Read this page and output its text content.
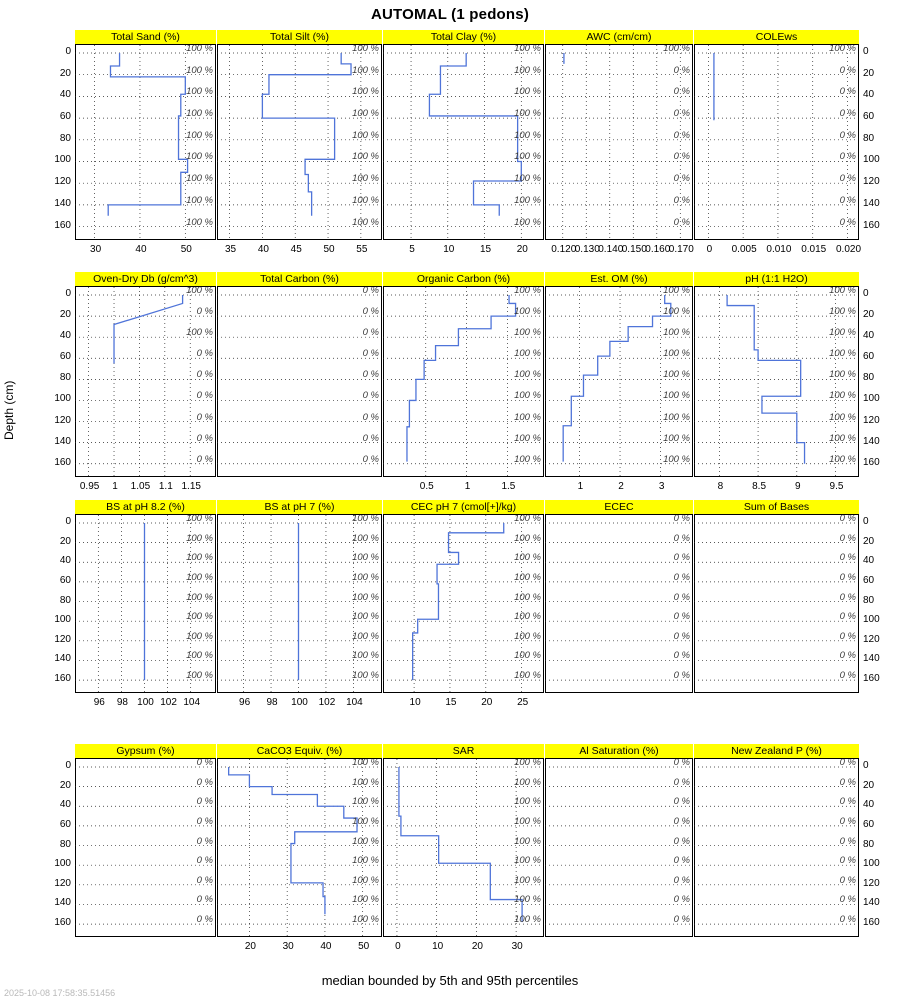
AUTOMAL (1 pedons)
Depth (cm)
30	40	50
0
20
40
60
80
100
120
140
160
Total Sand (%)
100 %
100 %
100 %
100 %
100 %
100 %
100 %
100 %
100 %
35	40	45	50	55
Total Silt (%)
100 %
100 %
100 %
100 %
100 %
100 %
100 %
100 %
100 %
5	10	15	20
Total Clay (%)
100 %
100 %
100 %
100 %
100 %
100 %
100 %
100 %
100 %
0.120
0.130
0.140
0.150
0.160
0.170
AWC (cm/cm)
100 %
0 %
0 %
0 %
0 %
0 %
0 %
0 %
0 %
0	0.005 0.010 0.015 0.020
0
20
40
60
80
100
120
140
160
COLEws
100 %
0 %
0 %
0 %
0 %
0 %
0 %
0 %
0 %
0.95	1	1.05 1.1 1.15
0
20
40
60
80
100
120
140
160
Oven-Dry Db (g/cm^3)
100 %
0 %
100 %
0 %
0 %
0 %
0 %
0 %
0 %
Total Carbon (%)
0 %
0 %
0 %
0 %
0 %
0 %
0 %
0 %
0 %
0.5	1	1.5
Organic Carbon (%)
100 %
100 %
100 %
100 %
100 %
100 %
100 %
100 %
100 %
1	2	3
Est. OM (%)
100 %
100 %
100 %
100 %
100 %
100 %
100 %
100 %
100 %
8	8.5	9	9.5
0
20
40
60
80
100
120
140
160
pH (1:1 H2O)
100 %
100 %
100 %
100 %
100 %
100 %
100 %
100 %
100 %
96	98 100 102 104
0
20
40
60
80
100
120
140
160
BS at pH 8.2 (%)
100 %
100 %
100 %
100 %
100 %
100 %
100 %
100 %
100 %
96	98	100	102	104
BS at pH 7 (%)
100 %
100 %
100 %
100 %
100 %
100 %
100 %
100 %
100 %
10	15	20	25
CEC pH 7 (cmol[+]/kg)
100 %
100 %
100 %
100 %
100 %
100 %
100 %
100 %
100 %
ECEC
0 %
0 %
0 %
0 %
0 %
0 %
0 %
0 %
0 %
0
20
40
60
80
100
120
140
160
Sum of Bases
0 %
0 %
0 %
0 %
0 %
0 %
0 %
0 %
0 %
0
20
40
60
80
100
120
140
160
Gypsum (%)
0 %
0 %
0 %
0 %
0 %
0 %
0 %
0 %
0 %
20	30	40	50
CaCO3 Equiv. (%)
100 %
100 %
100 %
100 %
100 %
100 %
100 %
100 %
100 %
0	10	20	30
SAR
100 %
100 %
100 %
100 %
100 %
100 %
100 %
100 %
100 %
Al Saturation (%)
0 %
0 %
0 %
0 %
0 %
0 %
0 %
0 %
0 %
0
20
40
60
80
100
120
140
160
New Zealand P (%)
0 %
0 %
0 %
0 %
0 %
0 %
0 %
0 %
0 %
median bounded by 5th and 95th percentiles
2025-10-08 17:58:35.51456
